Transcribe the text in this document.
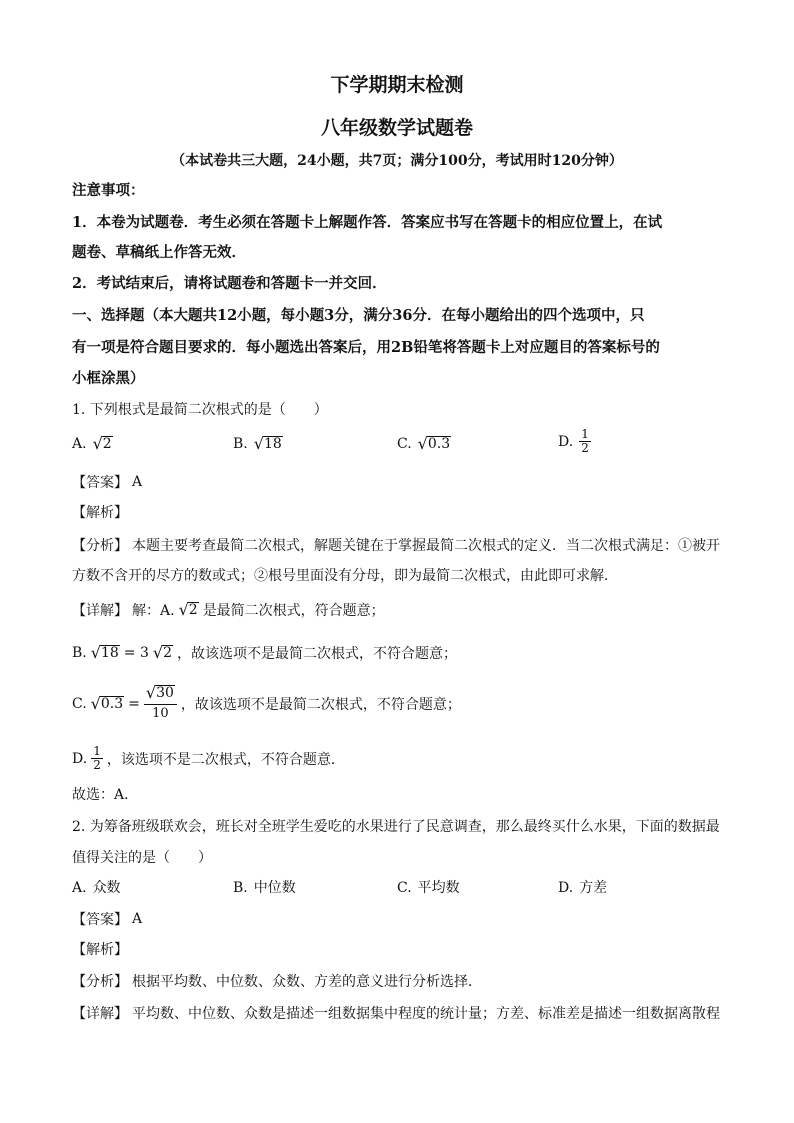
下学期期末检测
八年级数学试题卷
（本试卷共三大题，24小题，共7页；满分100分，考试用时120分钟）
注意事项：
1．本卷为试题卷．考生必须在答题卡上解题作答．答案应书写在答题卡的相应位置上，在试
题卷、草稿纸上作答无效．
2．考试结束后，请将试题卷和答题卡一并交回．
一、选择题（本大题共12小题，每小题3分，满分36分．在每小题给出的四个选项中，只
有一项是符合题目要求的．每小题选出答案后，用2B铅笔将答题卡上对应题目的答案标号的
小框涂黑）
1. 下列根式是最简二次根式的是（　　）
A. √ 2	B. √ 18	C. √ 0.3	D. $\frac{1}{2}$
【答案】 A
【解析】
【分析】 本题主要考查最简二次根式，解题关键在于掌握最简二次根式的定义．当二次根式满足：①被开
方数不含开的尽方的数或式；②根号里面没有分母，即为最简二次根式，由此即可求解．
【详解】 解：A. √ 2 是最简二次根式，符合题意；
B. √ 18 = 3 √ 2 ，故该选项不是最简二次根式，不符合题意；
C. √ $0.3 = \frac{√ 30}{10}$ ，故该选项不是最简二次根式，不符合题意；
D. $\frac{1}{2}$ ，该选项不是二次根式，不符合题意．
故选：A．
2. 为筹备班级联欢会，班长对全班学生爱吃的水果进行了民意调查，那么最终买什么水果，下面的数据最
值得关注的是（　　）
A. 众数	B. 中位数	C. 平均数	D. 方差
【答案】 A
【解析】
【分析】 根据平均数、中位数、众数、方差的意义进行分析选择．
【详解】 平均数、中位数、众数是描述一组数据集中程度的统计量；方差、标准差是描述一组数据离散程
